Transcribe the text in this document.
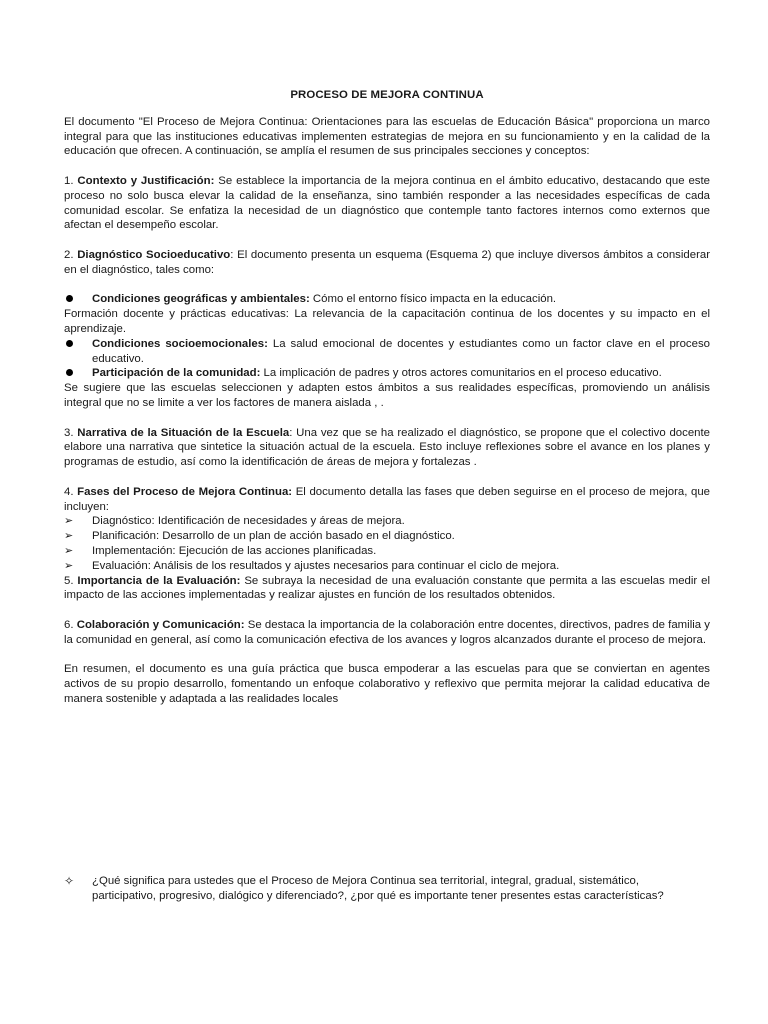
PROCESO DE MEJORA CONTINUA

El documento "El Proceso de Mejora Continua: Orientaciones para las escuelas de Educación Básica" proporciona un marco integral para que las instituciones educativas implementen estrategias de mejora en su funcionamiento y en la calidad de la educación que ofrecen. A continuación, se amplía el resumen de sus principales secciones y conceptos:

1. Contexto y Justificación: Se establece la importancia de la mejora continua en el ámbito educativo, destacando que este proceso no solo busca elevar la calidad de la enseñanza, sino también responder a las necesidades específicas de cada comunidad escolar. Se enfatiza la necesidad de un diagnóstico que contemple tanto factores internos como externos que afectan el desempeño escolar.

2. Diagnóstico Socioeducativo: El documento presenta un esquema (Esquema 2) que incluye diversos ámbitos a considerar en el diagnóstico, tales como:

Condiciones geográficas y ambientales: Cómo el entorno físico impacta en la educación.

Formación docente y prácticas educativas: La relevancia de la capacitación continua de los docentes y su impacto en el aprendizaje.

Condiciones socioemocionales: La salud emocional de docentes y estudiantes como un factor clave en el proceso educativo.
Participación de la comunidad: La implicación de padres y otros actores comunitarios en el proceso educativo.

Se sugiere que las escuelas seleccionen y adapten estos ámbitos a sus realidades específicas, promoviendo un análisis integral que no se limite a ver los factores de manera aislada , .

3. Narrativa de la Situación de la Escuela: Una vez que se ha realizado el diagnóstico, se propone que el colectivo docente elabore una narrativa que sintetice la situación actual de la escuela. Esto incluye reflexiones sobre el avance en los planes y programas de estudio, así como la identificación de áreas de mejora y fortalezas .

4. Fases del Proceso de Mejora Continua: El documento detalla las fases que deben seguirse en el proceso de mejora, que incluyen:

➢ Diagnóstico: Identificación de necesidades y áreas de mejora.
➢ Planificación: Desarrollo de un plan de acción basado en el diagnóstico.
➢ Implementación: Ejecución de las acciones planificadas.
➢ Evaluación: Análisis de los resultados y ajustes necesarios para continuar el ciclo de mejora.

5. Importancia de la Evaluación: Se subraya la necesidad de una evaluación constante que permita a las escuelas medir el impacto de las acciones implementadas y realizar ajustes en función de los resultados obtenidos.

6. Colaboración y Comunicación: Se destaca la importancia de la colaboración entre docentes, directivos, padres de familia y la comunidad en general, así como la comunicación efectiva de los avances y logros alcanzados durante el proceso de mejora.

En resumen, el documento es una guía práctica que busca empoderar a las escuelas para que se conviertan en agentes activos de su propio desarrollo, fomentando un enfoque colaborativo y reflexivo que permita mejorar la calidad educativa de manera sostenible y adaptada a las realidades locales

✧	¿Qué significa para ustedes que el Proceso de Mejora Continua sea territorial, integral, gradual, sistemático, participativo, progresivo, dialógico y diferenciado?, ¿por qué es importante tener presentes estas características?
